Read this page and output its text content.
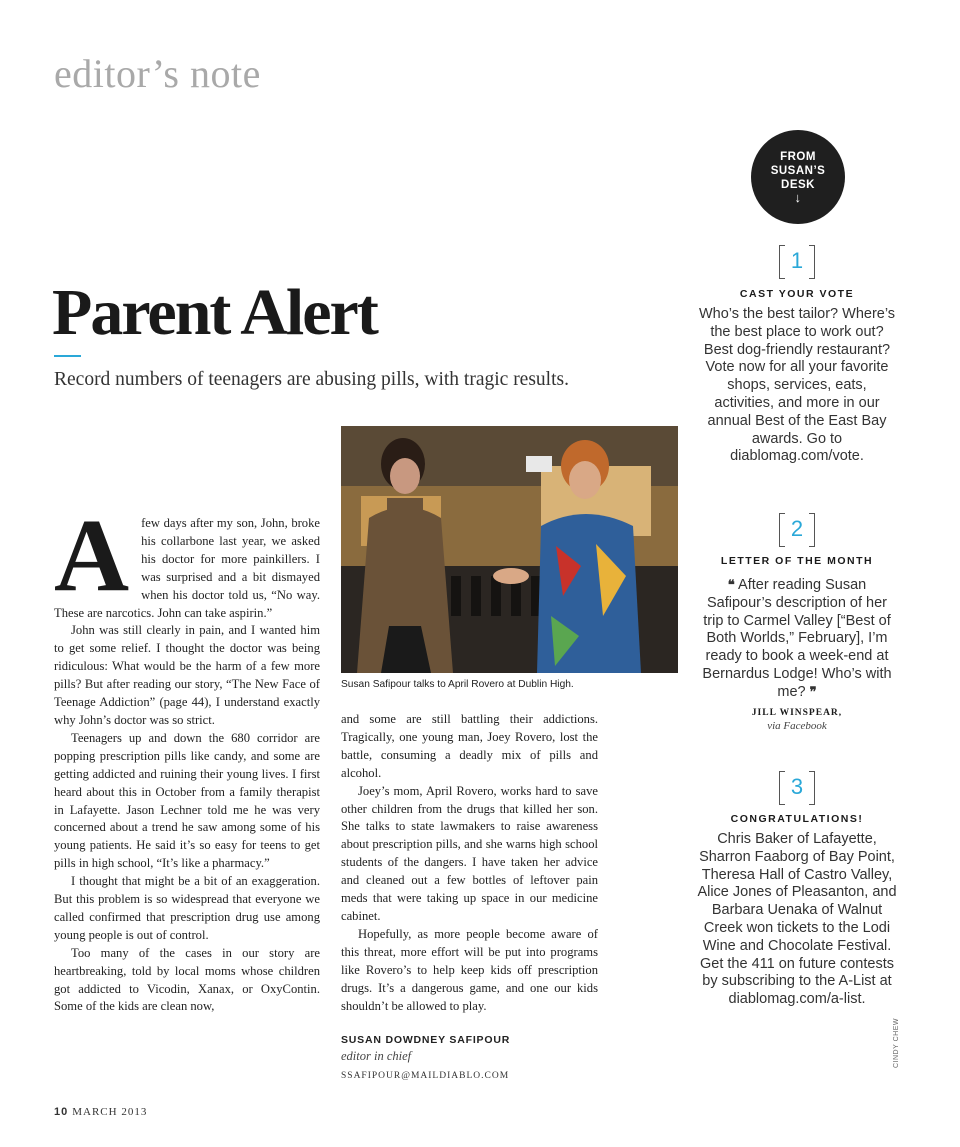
editor’s note
Parent Alert
Record numbers of teenagers are abusing pills, with tragic results.

Afew days after my son, John, broke his collarbone last year, we asked his doctor for more painkillers. I was surprised and a bit dismayed when his doctor told us, “No way. These are narcotics. John can take aspirin.”

John was still clearly in pain, and I wanted him to get some relief. I thought the doctor was being ridiculous: What would be the harm of a few more pills? But after reading our story, “The New Face of Teenage Addiction” (page 44), I understand exactly why John’s doctor was so strict.

Teenagers up and down the 680 corridor are popping prescription pills like candy, and some are getting addicted and ruining their young lives. I first heard about this in October from a family therapist in Lafayette. Jason Lechner told me he was very concerned about a trend he saw among some of his young patients. He said it’s so easy for teens to get pills in high school, “It’s like a pharmacy.”

I thought that might be a bit of an exaggeration. But this problem is so widespread that everyone we called confirmed that prescription drug use among young people is out of control.

Too many of the cases in our story are heartbreaking, told by local moms whose children got addicted to Vicodin, Xanax, or OxyContin. Some of the kids are clean now,

Susan Safipour talks to April Rovero at Dublin High.

and some are still battling their addictions. Tragically, one young man, Joey Rovero, lost the battle, consuming a deadly mix of pills and alcohol.

Joey’s mom, April Rovero, works hard to save other children from the drugs that killed her son. She talks to state lawmakers to raise awareness about prescription pills, and she warns high school students of the dangers. I have taken her advice and cleaned out a few bottles of leftover pain meds that were taking up space in our medicine cabinet.

Hopefully, as more people become aware of this threat, more effort will be put into programs like Rovero’s to help keep kids off prescription drugs. It’s a dangerous game, and one our kids shouldn’t be allowed to play.

SUSAN DOWDNEY SAFIPOUR
editor in chief
SSAFIPOUR@MAILDIABLO.COM
10 MARCH 2013
FROM
SUSAN’S
DESK
↓
1
CAST YOUR VOTE
Who’s the best tailor? Where’s the best place to work out? Best dog-friendly restaurant? Vote now for all your favorite shops, services, eats, activities, and more in our annual Best of the East Bay awards. Go to diablomag.com/vote.
2
LETTER OF THE MONTH
❝ After reading Susan Safipour’s description of her trip to Carmel Valley [“Best of Both Worlds,” February], I’m ready to book a week-end at Bernardus Lodge! Who’s with me? ❞
JILL WINSPEAR,
via Facebook
3
CONGRATULATIONS!
Chris Baker of Lafayette, Sharron Faaborg of Bay Point, Theresa Hall of Castro Valley, Alice Jones of Pleasanton, and Barbara Uenaka of Walnut Creek won tickets to the Lodi Wine and Chocolate Festival. Get the 411 on future contests by subscribing to the A-List at diablomag.com/a-list.
CINDY CHEW
